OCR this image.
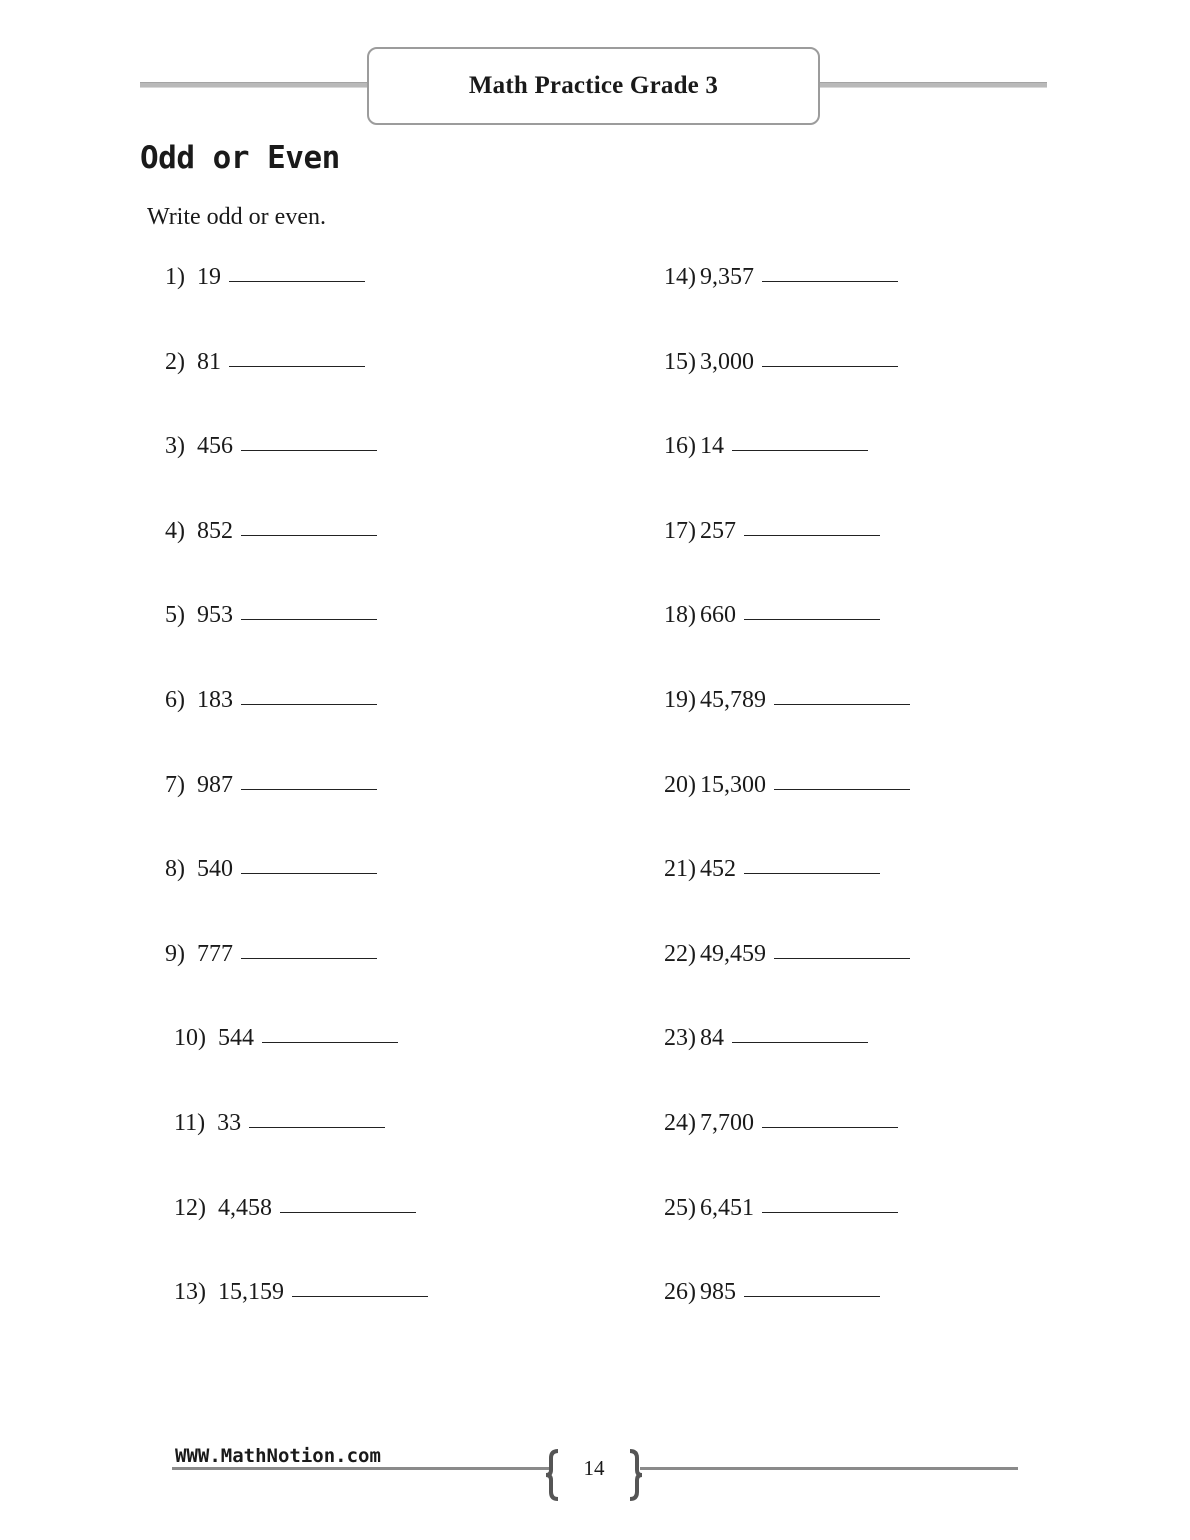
Math Practice Grade 3
Odd or Even
Write odd or even.
1) 19
2) 81
3) 456
4) 852
5) 953
6) 183
7) 987
8) 540
9) 777
10) 544
11) 33
12) 4,458
13) 15,159
14) 9,357
15) 3,000
16) 14
17) 257
18) 660
19) 45,789
20) 15,300
21) 452
22) 49,459
23) 84
24) 7,700
25) 6,451
26) 985
WWW.MathNotion.com	14
